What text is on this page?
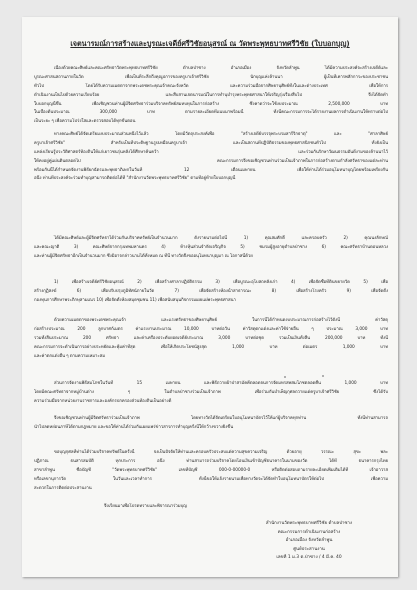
เจตนารมณ์การสร้างและบูรณะเจดีย์ศรีวิชัยอนุสรณ์ ณ วัดพระพุทธบาทศรีวิชัย (ใบบอกบุญ)
เนื่องด้วยคณะศิษย์และคณะศรัทธาวัดพระพุทธบาทศรีวิชัย ตำบลป่าซาง อำเภอเมือง จังหวัดลำพูน ได้มีความประสงค์จะสร้างเจดีย์และ
บูรณะศาสนสถานภายในวัด เพื่อเป็นที่ระลึกถึงคุณูปการของครูบาเจ้าศรีวิชัย นักบุญแห่งล้านนา ผู้เป็นที่เคารพสักการะของประชาชน
ทั่วไป โดยได้รับความเมตตาจากพระเดชพระคุณเจ้าคณะจังหวัด และความร่วมมือจากศิษยานุศิษย์ทั้งในและต่างประเทศ เพื่อให้การ
ดำเนินงานเป็นไปด้วยความเรียบร้อย และสืบสานเจตนารมณ์ในการทำนุบำรุงพระพุทธศาสนาให้เจริญรุ่งเรืองสืบไป จึงได้จัดทำ
ใบบอกบุญนี้ขึ้น เพื่อเชิญชวนท่านผู้มีจิตศรัทธาร่วมบริจาคทรัพย์สมทบทุนในการก่อสร้าง ซึ่งคาดว่าจะใช้งบประมาณ 2,500,000 บาท
ในเบื้องต้นประมาณ 300,000 บาท ตามรายละเอียดที่แนบมาพร้อมนี้ ทั้งนี้คณะกรรมการจะได้รายงานผลการดำเนินงานให้ทราบต่อไป
เป็นระยะ ๆ เพื่อความโปร่งใสและตรวจสอบได้ทุกขั้นตอน
ทางคณะศิษย์ได้จัดเตรียมงบประมาณส่วนหนึ่งไว้แล้ว โดยมีวัตถุประสงค์เพื่อ "สร้างเจดีย์บรรจุพระบรมสารีริกธาตุ" และ "ศาลาศิษย์
ครูบาเจ้าศรีวิชัย" สำหรับเป็นที่ประดิษฐานรูปเหมือนครูบาเจ้า และเป็นสถานที่ปฏิบัติธรรมของพุทธศาสนิกชนทั่วไป ทั้งยังเป็น
แหล่งเรียนรู้ประวัติศาสตร์ท้องถิ่นให้แก่เยาวชนรุ่นหลังได้ศึกษาค้นคว้า และร่วมกันรักษาวัฒนธรรมอันดีงามของล้านนาไว้
ให้คงอยู่คู่แผ่นดินตลอดไป คณะกรรมการจึงขอเชิญชวนท่านร่วมเป็นเจ้าภาพในการก่อสร้างตามกำลังศรัทธาของแต่ละท่าน
พร้อมกันนี้ได้กำหนดจัดงานพิธียกฉัตรและพุทธาภิเษกในวันที่ 12 เดือนเมษายน เพื่อให้ท่านได้ร่วมอนุโมทนาบุญโดยพร้อมเพรียงกัน
อนึ่ง ท่านที่ประสงค์จะร่วมทำบุญสามารถติดต่อได้ที่ "สำนักงานวัดพระพุทธบาทศรีวิชัย" ตามที่อยู่ท้ายใบบอกบุญนี้
ได้มีคณะศิษย์และผู้มีจิตศรัทธาได้ร่วมกันบริจาคทรัพย์เป็นจำนวนมาก ดังรายนามต่อไปนี้ 1) คุณสมศักดิ์ และครอบครัว 2) คุณนงลักษณ์
และคณะญาติ 3) คณะศิษย์จากกรุงเทพมหานคร 4) ห้างหุ้นส่วนจำกัดเจริญกิจ 5) ชมรมผู้สูงอายุตำบลป่าซาง 6) คณะศรัทธาบ้านดอนหลวง
และท่านผู้มีจิตศรัทธาอีกเป็นจำนวนมาก ซึ่งมิอาจกล่าวนามได้ทั้งหมด ณ ที่นี้ ทางวัดจึงขออนุโมทนาบุญมา ณ โอกาสนี้ด้วย
1) เพื่อสร้างเจดีย์ศรีวิชัยอนุสรณ์ 2) เพื่อสร้างศาลาปฏิบัติธรรม 3) เพื่อบูรณะอุโบสถหลังเก่า 4) เพื่อจัดซื้อที่ดินขยายวัด 5) เพื่อ
สร้างกุฏิสงฆ์ 6) เพื่อปรับปรุงภูมิทัศน์ภายในวัด 7) เพื่อจัดสร้างห้องน้ำสาธารณะ 8) เพื่อสร้างโรงครัว 9) เพื่อจัดตั้ง
กองทุนการศึกษาพระภิกษุสามเณร 10) เพื่อจัดตั้งห้องสมุดชุมชน 11) เพื่อสนับสนุนกิจกรรมเผยแผ่พระพุทธศาสนา
ด้วยความเมตตาของพระเดชพระคุณเจ้า และแรงศรัทธาของศิษยานุศิษย์ ในการนี้ได้กำหนดงบประมาณการก่อสร้างไว้ดังนี้ ค่าวัสดุ
ก่อสร้างประมาณ 200 ลูกบาศก์เมตร ค่าแรงงานประมาณ 10,000 บาทต่อวัน ค่าวัสดุตกแต่งและค่าใช้จ่ายอื่น ๆ ประมาณ 3,000 บาท
รวมทั้งสิ้นประมาณ 200 ศรัทธา และค่าเครื่องประดับยอดเจดีย์ประมาณ 3,000 บาทต่อชุด รวมเป็นเงินทั้งสิ้น 200,000 บาท ทั้งนี้
คณะกรรมการจะดำเนินการอย่างประหยัดและคุ้มค่าที่สุด เพื่อให้เกิดประโยชน์สูงสุด 1,000 บาท ต่อเมตร 1,000 บาท
และค่าตกแต่งอื่น ๆ ตามความเหมาะสม
ส่วนการจัดงานพิธีสมโภชในวันที่ 15 เมษายน และพิธีถวายผ้าป่าสามัคคีตลอดจนการจัดมหรสพสมโภชตลอดคืน 1,000 บาท
โดยมีคณะศรัทธาจากหมู่บ้านต่าง ๆ ในตำบลป่าซางร่วมเป็นเจ้าภาพ เพื่อร่วมกันบำเพ็ญกุศลถวายแด่ครูบาเจ้าศรีวิชัย ซึ่งได้รับ
ความร่วมมือจากหน่วยงานราชการและองค์กรปกครองส่วนท้องถิ่นเป็นอย่างดี
จึงขอเชิญชวนท่านผู้มีจิตศรัทธาร่วมเป็นเจ้าภาพ โดยทางวัดได้จัดเตรียมใบอนุโมทนาบัตรไว้ให้แก่ผู้บริจาคทุกท่าน ทั้งนี้ท่านสามารถ
นำไปลดหย่อนภาษีได้ตามกฎหมาย และขอให้ท่านได้ร่วมกันเผยแพร่ข่าวสารการทำบุญครั้งนี้ให้กว้างขวางยิ่งขึ้น
ขอบุญกุศลที่ท่านได้ร่วมบริจาคทรัพย์ในครั้งนี้ จงเป็นปัจจัยให้ท่านและครอบครัวประสบแต่ความสุขความเจริญ ด้วยอายุ วรรณะ สุขะ พละ
ปฏิภาณ ธนสารสมบัติ ทุกประการ อนึ่ง ท่านสามารถร่วมบริจาคโดยโอนเงินเข้าบัญชีธนาคารในนามของวัด ได้ที่ ธนาคารกรุงไทย
สาขาลำพูน ชื่อบัญชี "วัดพระพุทธบาทศรีวิชัย" เลขที่บัญชี 000-0-00000-0 หรือติดต่อสอบถามรายละเอียดเพิ่มเติมได้ที่ เจ้าอาวาส
หรือเลขานุการวัด ในวันและเวลาทำการ ทั้งนี้ขอให้แจ้งรายนามเพื่อทางวัดจะได้จัดทำใบอนุโมทนาบัตรให้ต่อไป เพื่อความ
สะดวกในการติดต่อประสานงาน
จึงเรียนมาเพื่อโปรดทราบและพิจารณาร่วมบุญ
สำนักงานวัดพระพุทธบาทศรีวิชัย ตำบลป่าซาง
คณะกรรมการดำเนินงานก่อสร้าง
อำเภอเมือง จังหวัดลำพูน
ศูนย์ประสานงาน
เลขที่ 1 ม.3 ต.ป่าซาง / 4 มี.ค. 40
